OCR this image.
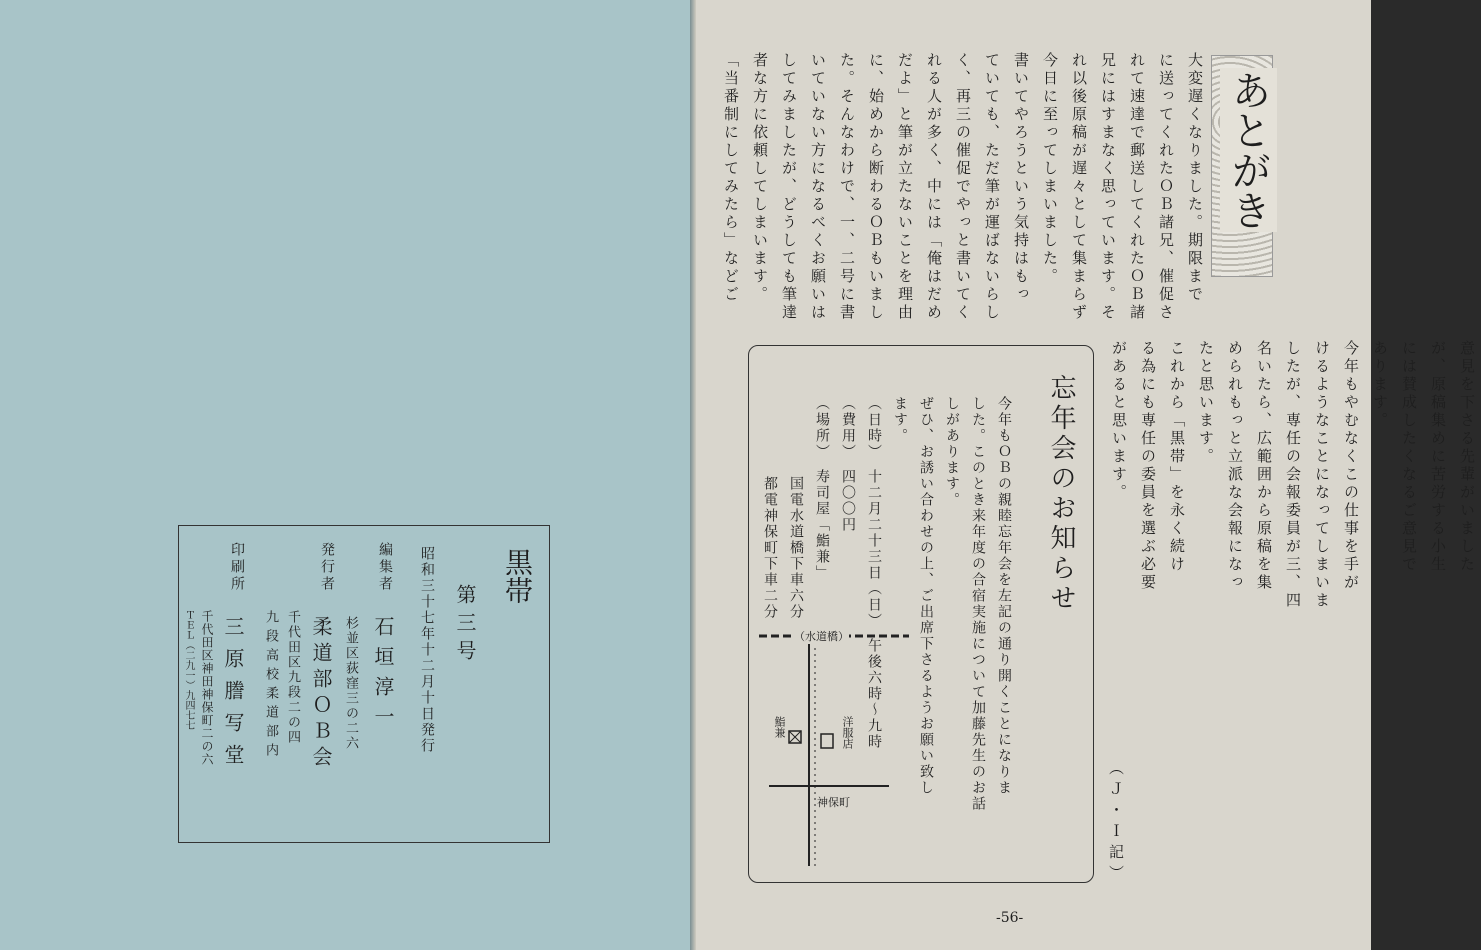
黒帯
第三号
昭和三十七年十二月十日発行
編集者
石垣淳一
杉並区荻窪三の二六
発行者
柔道部ＯＢ会
千代田区九段二の四
九段高校柔道部内
印刷所
三原謄写堂
千代田区神田神保町二の六
ＴＥＬ（二九一）九四七七
あとがき
大変遅くなりました。期限まで
に送ってくれたＯＢ諸兄、催促さ
れて速達で郵送してくれたＯＢ諸
兄にはすまなく思っています。そ
れ以後原稿が遅々として集まらず
今日に至ってしまいました。
書いてやろうという気持はもっ
ていても、ただ筆が運ばないらし
く、再三の催促でやっと書いてく
れる人が多く、中には「俺はだめ
だよ」と筆が立たないことを理由
に、始めから断わるＯＢもいまし
た。そんなわけで、一、二号に書
いていない方になるべくお願いは
してみましたが、どうしても筆達
者な方に依頼してしまいます。
「当番制にしてみたら」などご
意見を下さる先輩がいました
が、原稿集めに苦労する小生
には賛成したくなるご意見で
あります。
今年もやむなくこの仕事を手が
けるようなことになってしまいま
したが、専任の会報委員が三、四
名いたら、広範囲から原稿を集
められもっと立派な会報になっ
たと思います。
これから「黒帯」を永く続け
る為にも専任の委員を選ぶ必要
があると思います。
（Ｊ・Ｉ記）
忘年会のお知らせ
今年もＯＢの親睦忘年会を左記の通り開くことになりま
した。このとき来年度の合宿実施について加藤先生のお話
しがあります。
ぜひ、お誘い合わせの上、ご出席下さるようお願い致し
ます。
（日時）　十二月二十三日（日）　午後六時～九時
（費用）　四〇〇円
（場所）　寿司屋「鮨兼」
　　　　　国電水道橋下車六分
　　　　　都電神保町下車二分
（水道橋）
鮨兼	洋服店
神保町
-56-
